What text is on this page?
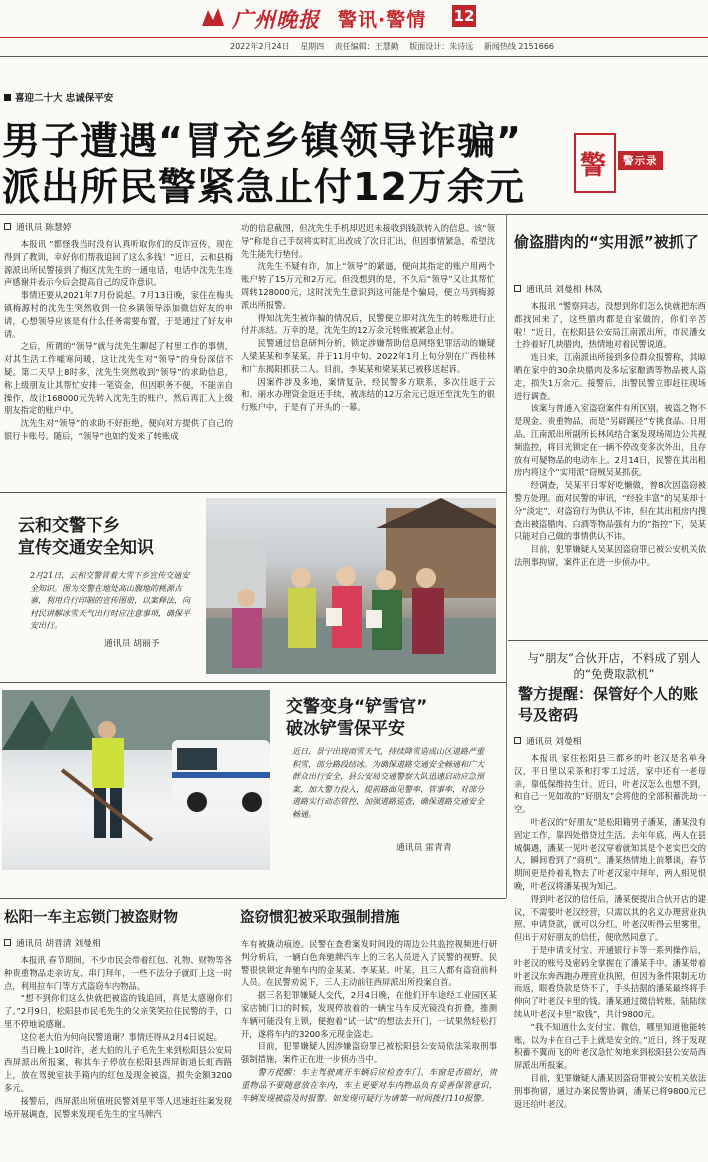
广州晚报 警讯·警情 12
2022年2月24日 星期四 责任编辑：王慧勤 版面设计：朱诗远 新闻热线 2151666
喜迎二十大 忠诚保平安
男子遭遇“冒充乡镇领导诈骗”
派出所民警紧急止付12万余元 警	警示录
通讯员 陈慧婷

本报讯 “都怪我当时没有认真听取你们的反诈宣传，现在得到了教训，幸好你们帮我追回了这么多钱！”近日，云和县梅源派出所民警接到了梅区沈先生的一通电话，电话中沈先生连声感谢并表示今后会提高自己的反诈意识。

事情还要从2021年7月份说起。7月13日晚，家住在梅头镇梅源村的沈先生突然收到一位乡镇领导添加微信好友的申请，心想领导应该是有什么任务需要布置，于是通过了好友申请。

之后，所谓的“领导”就与沈先生聊起了村里工作的事情，对其生活工作嘘寒问暖，这让沈先生对“领导”的身份深信不疑。第二天早上8时多，沈先生突然收到“领导”的求助信息，称上级朋友让其帮忙安排一笔资金，但因职务不便，不能亲自操作，故让168000元先转入沈先生的账户，然后再汇入上级朋友指定的账户中。

沈先生对“领导”的求助不好拒绝，便向对方提供了自己的银行卡账号。随后，“领导”也如约发来了转账成

功的信息截图，但沈先生手机却迟迟未接收到钱款转入的信息。该“领导”称是自己手误将实时汇出改成了次日汇出，但因事情紧急，希望沈先生能先行垫付。

沈先生不疑有诈，加上“领导”的紧逼，便向其指定的账户用两个账户转了15万元和2万元。但没想到的是，不久后“领导”又让其帮忙周转128000元，这时沈先生意识到这可能是个骗局，便立马到梅源派出所报警。

得知沈先生被诈骗的情况后，民警便立即对沈先生的转账进行止付并冻结。万幸的是，沈先生的12万余元转账被紧急止付。

民警通过信息研判分析，锁定涉嫌帮助信息网络犯罪活动的嫌疑人梁某某和李某某，并于11月中旬、2022年1月上旬分别在广西桂林和广东揭阳抓获二人。目前，李某某和梁某某已被移送起诉。

因案件涉及多地，案情复杂，经民警多方联系，多次往返于云和、丽水办理资金返还手续，被冻结的12万余元已返还至沈先生的银行账户中，于是有了开头的一幕。

偷盗腊肉的“实用派”被抓了
通讯员 刘曼相 林凤

本报讯 “警察同志，没想到你们怎么快就把东西都找回来了，这些腊肉都是自家做的，你们辛苦啦！”近日，在松阳县公安局江南派出所，市民潘女士拎着好几块腊肉，热情地对着民警说道。

连日来，江南派出所接到多位群众报警称，其晾晒在家中的30余块腊肉及多坛家酿酒等物品被人盗走，损失1万余元。接警后，出警民警立即赶往现场进行调查。

该案与普通入室盗窃案件有所区别，被盗之物不是现金、贵重物品，而是“另辟蹊径”专挑食品、日用品。江南派出所副所长林风结合案发现场周边公共视频监控，将目光锁定在一辆不停改变多次外出，且存放有可疑物品的电动车上。2月14日，民警在其出租房内将这个“实用派”窃贼吴某抓获。

经调查，吴某平日零好吃懒做，曾8次因盗窃被警方处理。面对民警的审讯，“经验丰富”的吴某却十分“淡定”，对盗窃行为供认不讳，但在其出租房内搜查出被盗腊肉、白酒等物品强有力的“指控”下，吴某只能对自己做的事情供认不讳。

目前，犯罪嫌疑人吴某因盗窃罪已被公安机关依法刑事拘留，案件正在进一步侦办中。

云和交警下乡
宣传交通安全知识
2月21日，云和交警冒着大雪下乡宣传交通安全知识。图为交警在地处高山腹地的桃源古寨，利用自行印制的宣传图册，以案释法，向村民讲解冰雪天气出行时应注意事项，确保平安出行。
通讯员 胡丽予
交警变身“铲雪官”
破冰铲雪保平安
近日，景宁出现雨雪天气，持续降雪造成山区道路严重积雪，部分路段结冰。为确保道路交通安全畅通和广大群众出行安全，县公安局交通警察大队迅速启动应急预案，加大警力投入，提前路面见警率、管事率，对部分道路实行动态管控，加强道路巡查，确保道路交通安全畅通。
通讯员 雷青青
与“朋友”合伙开店，不料成了别人的“免费取款机”
警方提醒：保管好个人的账号及密码
通讯员 刘曼相

本报讯 家住松阳县三都乡的叶老汉是名单身汉，平日里以采茶和打零工过活，家中还有一老母亲，靠低保维持生计。近日，叶老汉怎么也想不到，和自己一见如故的“好朋友”会将他的全部积蓄洗劫一空。

叶老汉的“好朋友”是松阳籍男子潘某，潘某没有固定工作，靠四处借贷过生活。去年年底，两人在县城偶遇，潘某一见叶老汉穿着就知其是个老实巴交的人，瞬间看到了“商机”。潘某热情地上前攀谈，春节期间更是拎着礼物去了叶老汉家中拜年，两人相见恨晚，叶老汉将潘某视为知己。

得到叶老汉的信任后，潘某便提出合伙开店的建议，不需要叶老汉经营，只需以其的名义办理营业执照、申请贷款，就可以分红。叶老汉听得云里雾里，但出于对好朋友的信任，便欣然同意了。

于是申请支付宝、开通银行卡等一系列操作后，叶老汉的账号及密码全掌握在了潘某手中。潘某带着叶老汉东奔西跑办理营业执照，但因为条件限制无功而返，眼看贷款是贷不了，手头拮据的潘某最终将手伸向了叶老汉卡里的钱。潘某通过微信转账，陆陆续续从叶老汉卡里“取钱”，共计9800元。

“我不知道什么支付宝、微信，哪里知道他能转账，以为卡在自己手上就是安全的。”近日，终于发现积蓄不翼而飞的叶老汉急忙匆地来到松阳县公安局西屏派出所报案。

目前，犯罪嫌疑人潘某因盗窃罪被公安机关依法刑事拘留，通过办案民警协调，潘某已将9800元已返还给叶老汉。

松阳一车主忘锁门被盗财物	盗窃惯犯被采取强制措施
通讯员 胡晋清 刘曼相

本报讯 春节期间，不少市民会带着红包、礼物、财物等各种贵重物品走亲访友、串门拜年，一些不法分子就盯上这一时点，利用拉车门等方式盗窃车内物品。

“想不到你们这么快就把被盗的钱追回，真是太感谢你们了。”2月9日，松阳县市民毛先生的父亲笑笑拉住民警的手，口里不停地说感谢。

这位老大伯为何向民警道谢？事情还得从2月4日说起。

当日晚上10时许，老大伯的儿子毛先生来到松阳县公安局西屏派出所报案，称其车子停放在松阳县西屏街道长虹西路上，放在驾驶室扶手箱内的红包及现金被盗，损失金额3200多元。

接警后，西屏派出所值班民警刘星平等人迅速赶往案发现场开展调查，民警来发现毛先生的宝马牌汽

车有被撬动痕迹。民警在查看案发时间段的周边公共监控视频进行研判分析后，一辆白色奔驰牌汽车上的三名人员进入了民警的视野。民警很快锁定奔驰车内的金某某、李某某、叶某，且三人都有盗窃前科人员。在民警劝说下，三人主动前往西屏派出所投案自首。

据三名犯罪嫌疑人交代，2月4日晚，在他们开车途经工业园区某家店铺门口的时候，发现停放着的一辆宝马车反光镜没有折叠，推测车辆可能没有上锁，便抱着“试一试”的想法去开门，一试果然轻松打开，遂将车内的3200多元现金盗走。

目前，犯罪嫌疑人因涉嫌盗窃罪已被松阳县公安局依法采取刑事强制措施，案件正在进一步侦办当中。

警方提醒：车主驾驶离开车辆后应检查车门、车窗是否锁好，贵重物品不要随意放在车内，车主更要对车内物品负有妥善保管意识，车辆发现被盗及时报警。如发现可疑行为请第一时间拨打110报警。
